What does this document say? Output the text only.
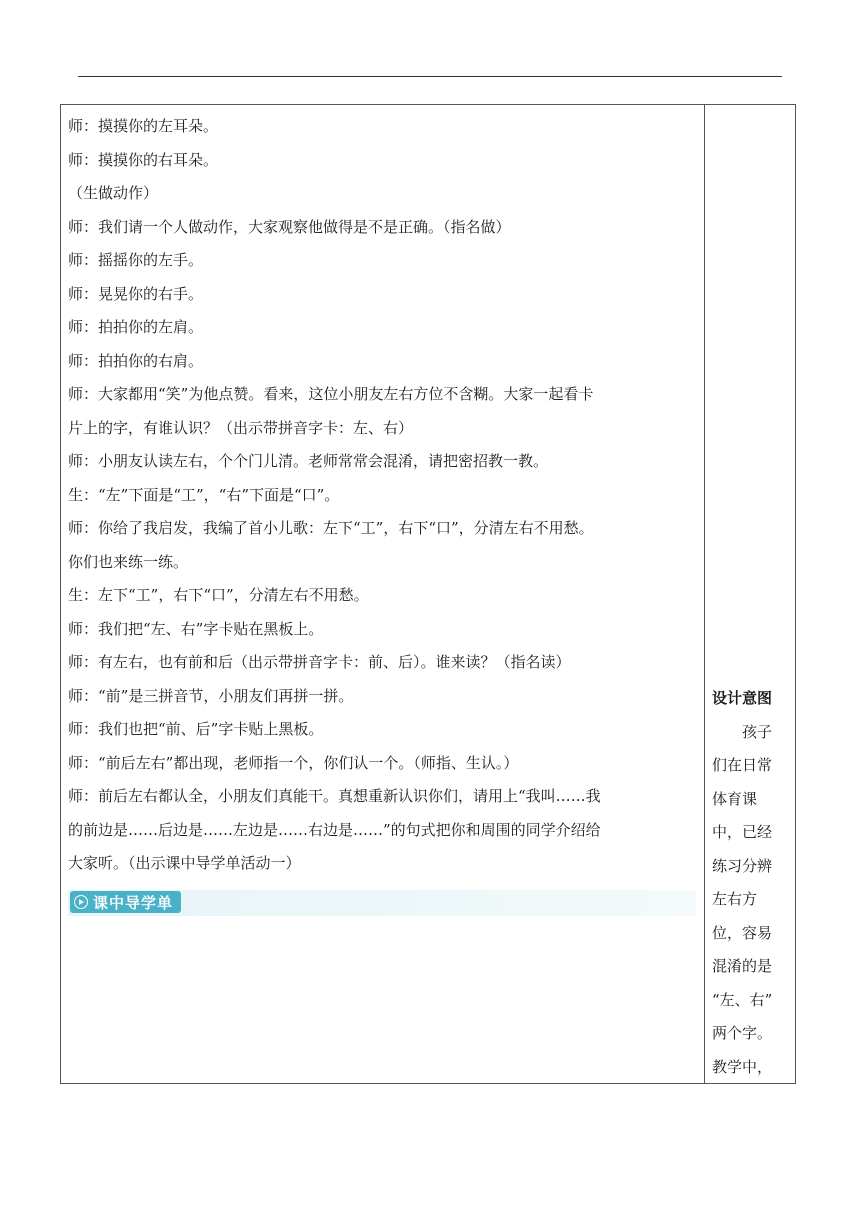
师：摸摸你的左耳朵。

师：摸摸你的右耳朵。

（生做动作）

师：我们请一个人做动作，大家观察他做得是不是正确。（指名做）

师：摇摇你的左手。

师：晃晃你的右手。

师：拍拍你的左肩。

师：拍拍你的右肩。

师：大家都用“笑”为他点赞。看来，这位小朋友左右方位不含糊。大家一起看卡

片上的字，有谁认识？（出示带拼音字卡：左、右）

师：小朋友认读左右，个个门儿清。老师常常会混淆，请把密招教一教。

生：“左”下面是“工”，“右”下面是“口”。

师：你给了我启发，我编了首小儿歌：左下“工”，右下“口”，分清左右不用愁。

你们也来练一练。

生：左下“工”，右下“口”，分清左右不用愁。

师：我们把“左、右”字卡贴在黑板上。

师：有左右，也有前和后（出示带拼音字卡：前、后）。谁来读？（指名读）

师：“前”是三拼音节，小朋友们再拼一拼。

师：我们也把“前、后”字卡贴上黑板。

师：“前后左右”都出现，老师指一个，你们认一个。（师指、生认。）

师：前后左右都认全，小朋友们真能干。真想重新认识你们，请用上“我叫……我

的前边是……后边是……左边是……右边是……”的句式把你和周围的同学介绍给

大家听。（出示课中导学单活动一）

课中导学单

设计意图

　　孩子

们在日常

体育课

中，已经

练习分辨

左右方

位，容易

混淆的是

“左、右”

两个字。

教学中，
